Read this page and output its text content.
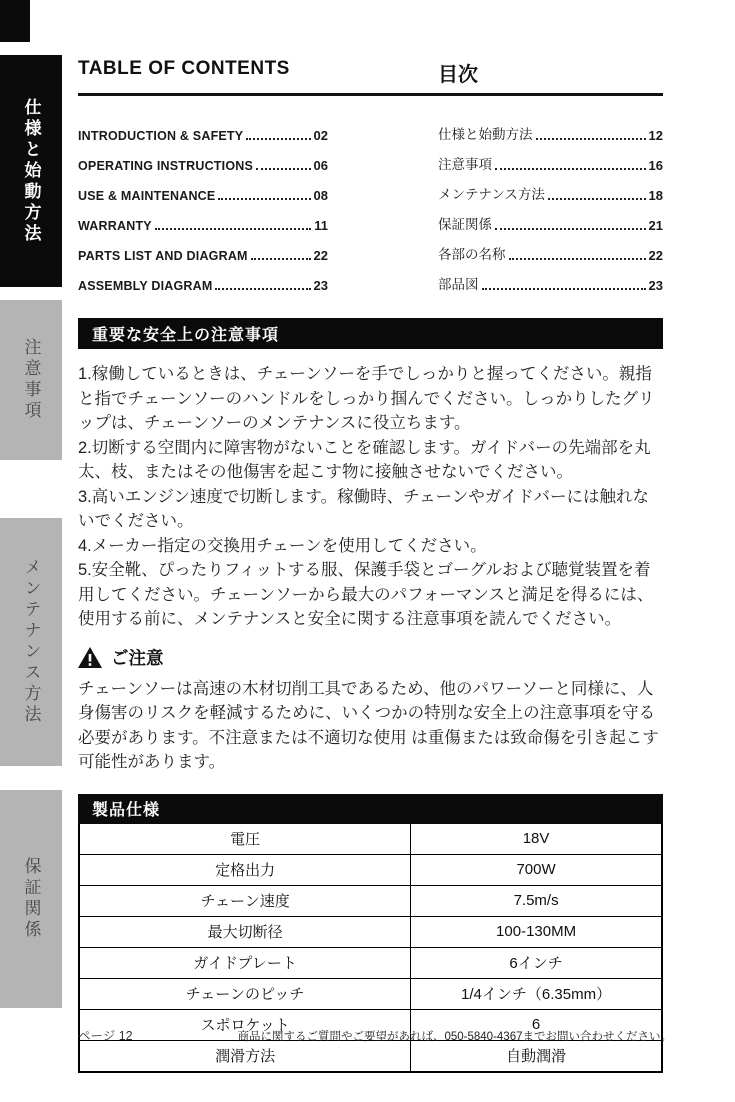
仕様と始動方法
注意事項
メンテナンス方法
保証関係
TABLE OF CONTENTS	目次
INTRODUCTION & SAFETY	02
OPERATING INSTRUCTIONS	06
USE & MAINTENANCE	08
WARRANTY	11
PARTS LIST AND DIAGRAM	22
ASSEMBLY DIAGRAM	23
仕様と始動方法	12
注意事項	16
メンテナンス方法	18
保証関係	21
各部の名称	22
部品図	23
重要な安全上の注意事項

1.稼働しているときは、チェーンソーを手でしっかりと握ってください。親指と指でチェーンソーのハンドルをしっかり掴んでください。しっかりしたグリップは、チェーンソーのメンテナンスに役立ちます。

2.切断する空間内に障害物がないことを確認します。ガイドバーの先端部を丸太、枝、またはその他傷害を起こす物に接触させないでください。

3.高いエンジン速度で切断します。稼働時、チェーンやガイドバーには触れないでください。

4.メーカー指定の交換用チェーンを使用してください。

5.安全靴、ぴったりフィットする服、保護手袋とゴーグルおよび聴覚装置を着用してください。チェーンソーから最大のパフォーマンスと満足を得るには、使用する前に、メンテナンスと安全に関する注意事項を読んでください。

ご注意
チェーンソーは高速の木材切削工具であるため、他のパワーソーと同様に、人身傷害のリスクを軽減するために、いくつかの特別な安全上の注意事項を守る必要があります。不注意または不適切な使用 は重傷または致命傷を引き起こす可能性があります。
製品仕様
電圧	18V
定格出力	700W
チェーン速度	7.5m/s
最大切断径	100-130MM
ガイドプレート	6インチ
チェーンのピッチ	1/4インチ（6.35mm）
スポロケット	6
潤滑方法	自動潤滑
ページ 12	商品に関するご質問やご要望があれば、050-5840-4367までお問い合わせください。
